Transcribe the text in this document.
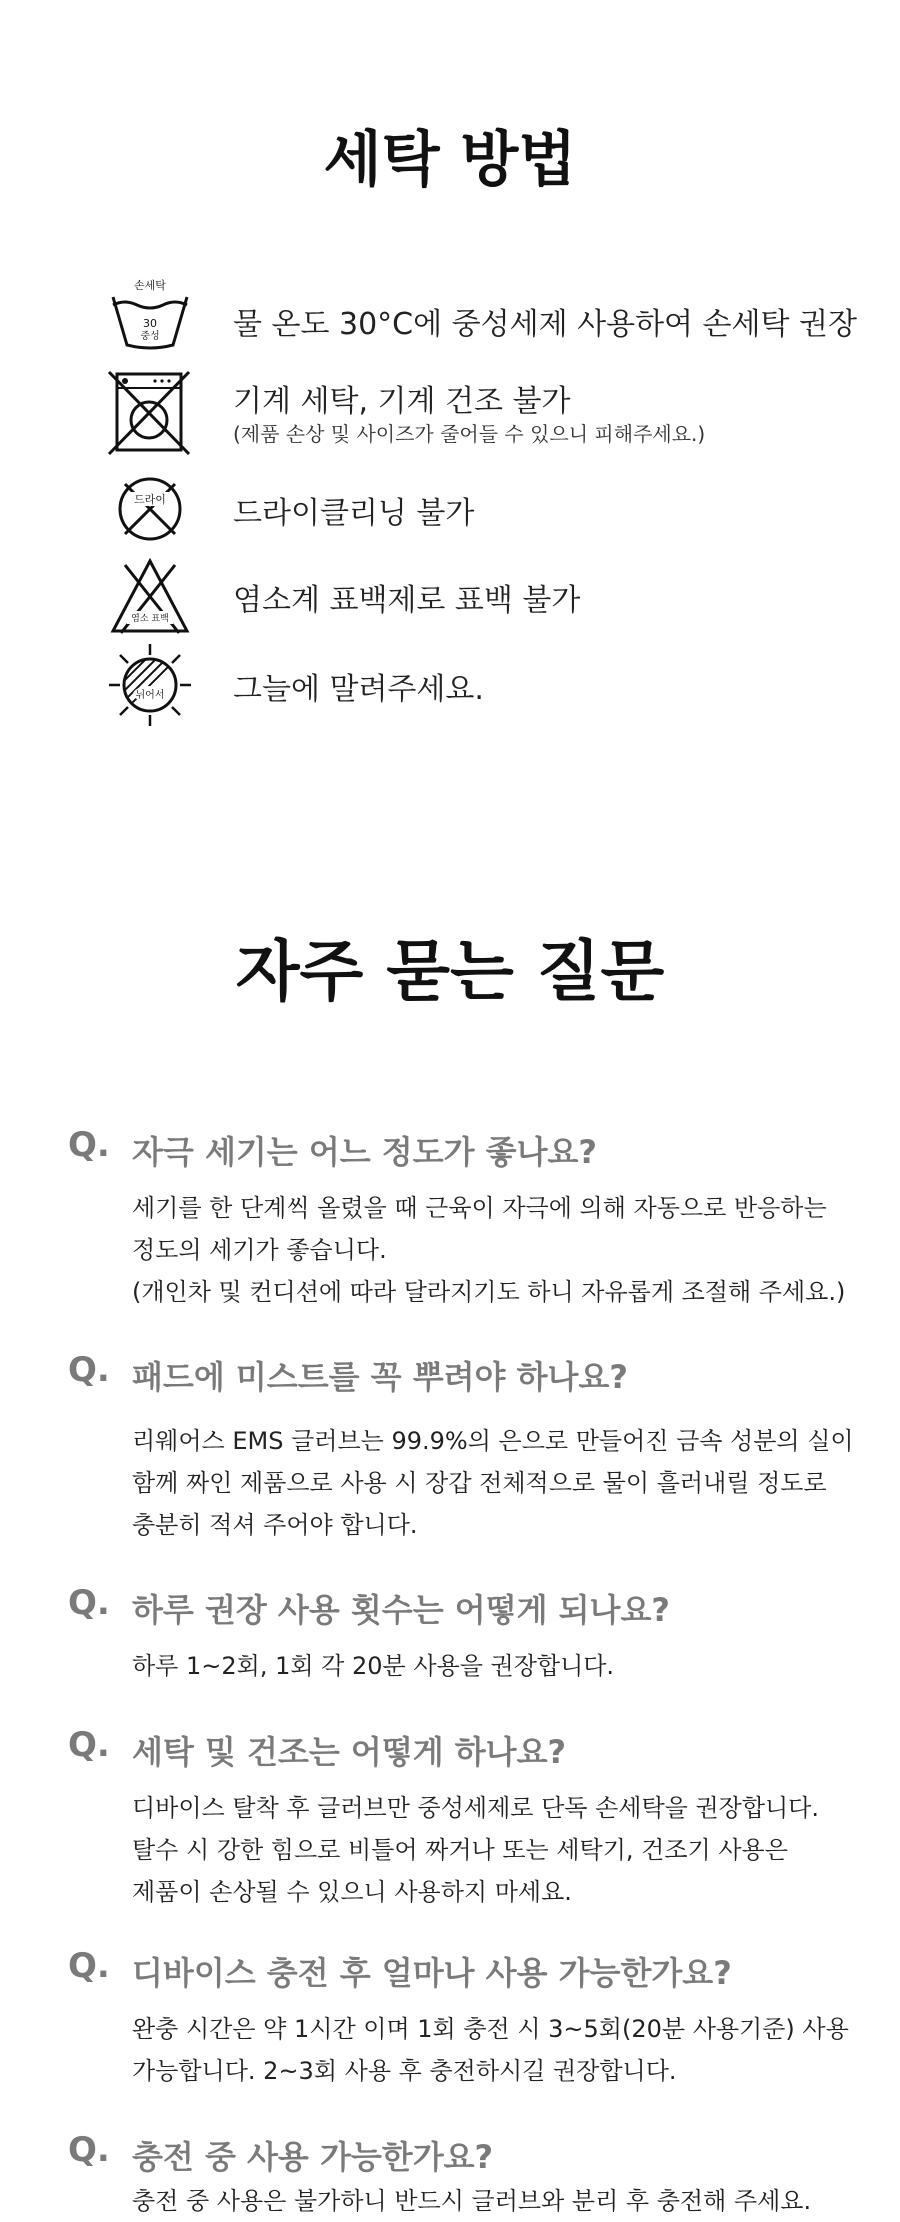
세탁 방법
손세탁
30
중성 물 온도 30°C에 중성세제 사용하여 손세탁 권장
기계 세탁, 기계 건조 불가
(제품 손상 및 사이즈가 줄어들 수 있으니 피해주세요.)
드라이 드라이클리닝 불가
염소 표백
염소계 표백제로 표백 불가
뉘어서 그늘에 말려주세요.
자주 묻는 질문
Q. 자극 세기는 어느 정도가 좋나요?
세기를 한 단계씩 올렸을 때 근육이 자극에 의해 자동으로 반응하는
정도의 세기가 좋습니다.
(개인차 및 컨디션에 따라 달라지기도 하니 자유롭게 조절해 주세요.)
Q. 패드에 미스트를 꼭 뿌려야 하나요?
리웨어스 EMS 글러브는 99.9%의 은으로 만들어진 금속 성분의 실이
함께 짜인 제품으로 사용 시 장갑 전체적으로 물이 흘러내릴 정도로
충분히 적셔 주어야 합니다.
Q. 하루 권장 사용 횟수는 어떻게 되나요?
하루 1~2회, 1회 각 20분 사용을 권장합니다.
Q. 세탁 및 건조는 어떻게 하나요?
디바이스 탈착 후 글러브만 중성세제로 단독 손세탁을 권장합니다.
탈수 시 강한 힘으로 비틀어 짜거나 또는 세탁기, 건조기 사용은
제품이 손상될 수 있으니 사용하지 마세요.
Q. 디바이스 충전 후 얼마나 사용 가능한가요?
완충 시간은 약 1시간 이며 1회 충전 시 3~5회(20분 사용기준) 사용
가능합니다. 2~3회 사용 후 충전하시길 권장합니다.
Q. 충전 중 사용 가능한가요?
충전 중 사용은 불가하니 반드시 글러브와 분리 후 충전해 주세요.
